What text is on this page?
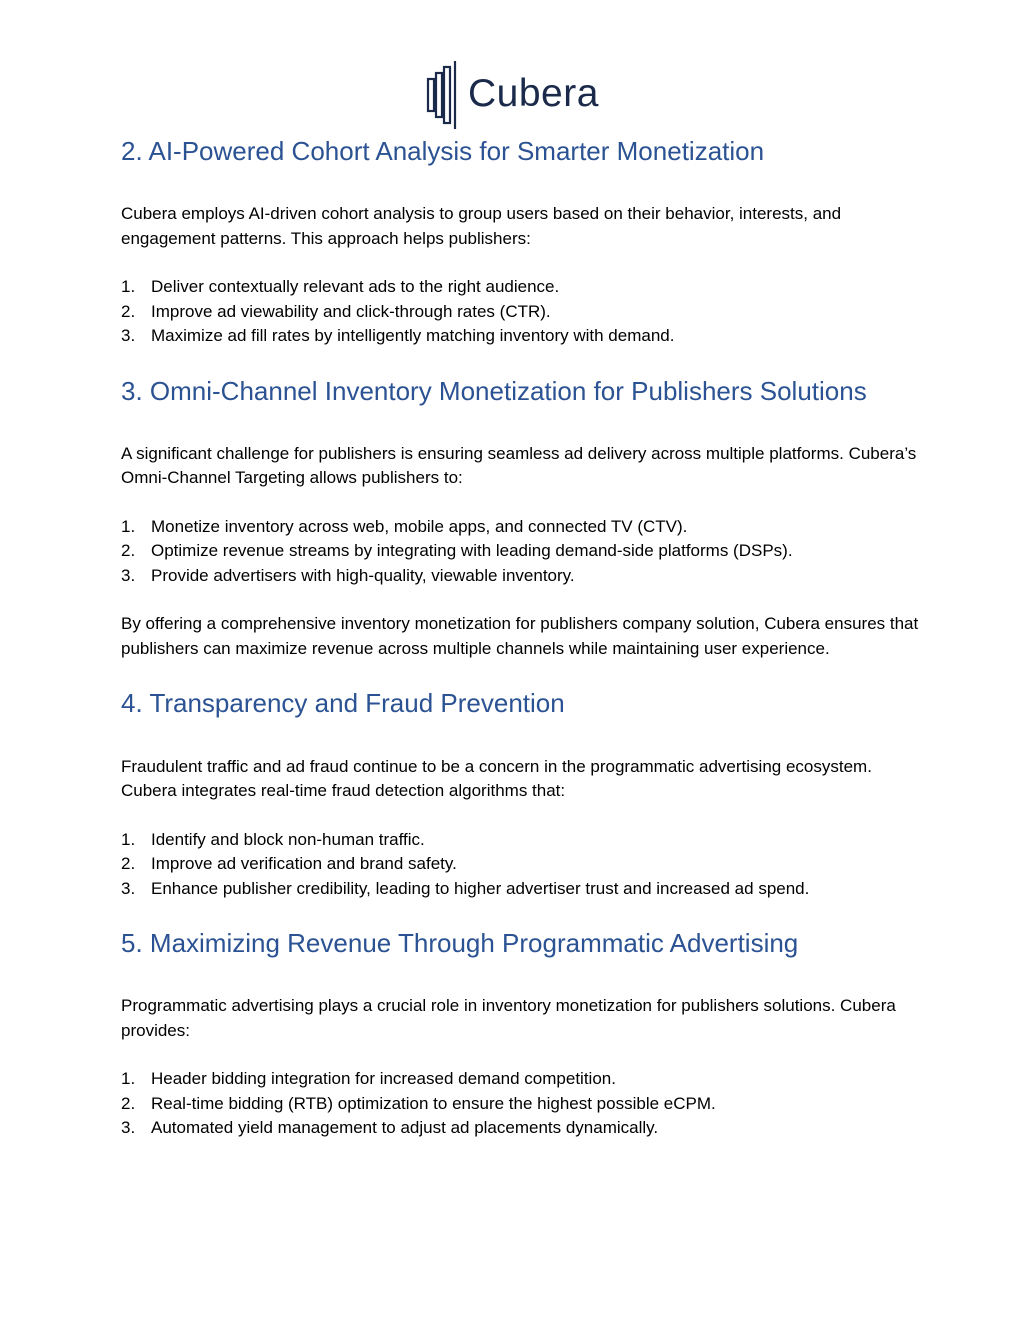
Cubera
2. AI-Powered Cohort Analysis for Smarter Monetization

Cubera employs AI-driven cohort analysis to group users based on their behavior, interests, and engagement patterns. This approach helps publishers:

1. Deliver contextually relevant ads to the right audience.
2. Improve ad viewability and click-through rates (CTR).
3. Maximize ad fill rates by intelligently matching inventory with demand.
3. Omni-Channel Inventory Monetization for Publishers Solutions

A significant challenge for publishers is ensuring seamless ad delivery across multiple platforms. Cubera’s Omni-Channel Targeting allows publishers to:

1. Monetize inventory across web, mobile apps, and connected TV (CTV).
2. Optimize revenue streams by integrating with leading demand-side platforms (DSPs).
3. Provide advertisers with high-quality, viewable inventory.

By offering a comprehensive inventory monetization for publishers company solution, Cubera ensures that publishers can maximize revenue across multiple channels while maintaining user experience.

4. Transparency and Fraud Prevention

Fraudulent traffic and ad fraud continue to be a concern in the programmatic advertising ecosystem. Cubera integrates real-time fraud detection algorithms that:

1. Identify and block non-human traffic.
2. Improve ad verification and brand safety.
3. Enhance publisher credibility, leading to higher advertiser trust and increased ad spend.
5. Maximizing Revenue Through Programmatic Advertising

Programmatic advertising plays a crucial role in inventory monetization for publishers solutions. Cubera provides:

1. Header bidding integration for increased demand competition.
2. Real-time bidding (RTB) optimization to ensure the highest possible eCPM.
3. Automated yield management to adjust ad placements dynamically.
